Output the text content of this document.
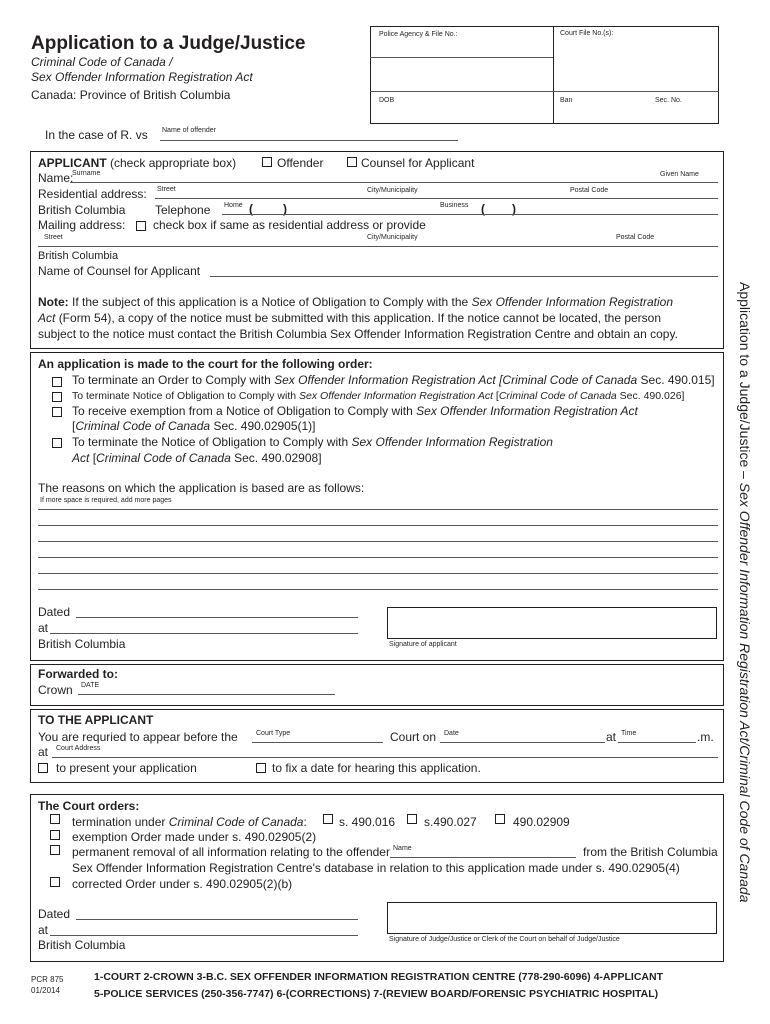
Application to a Judge/Justice
Criminal Code of Canada /
Sex Offender Information Registration Act
Canada: Province of British Columbia
Police Agency & File No.:	Court File No.(s):
DOB	Ban	Sec. No.
In the case of R. vs Name of offender
APPLICANT (check appropriate box)	Offender	Counsel for Applicant
Name:
Surname	Given Name
Residential address: Street	City/Municipality	Postal Code
British Columbia Telephone Home (	)	Business ( )
Mailing address: check box if same as residential address or provide
Street	City/Municipality	Postal Code
British Columbia
Name of Counsel for Applicant
Note: If the subject of this application is a Notice of Obligation to Comply with the Sex Offender Information Registration
Act (Form 54), a copy of the notice must be submitted with this application. If the notice cannot be located, the person
subject to the notice must contact the British Columbia Sex Offender Information Registration Centre and obtain an copy.
An application is made to the court for the following order:
To terminate an Order to Comply with Sex Offender Information Registration Act [Criminal Code of Canada Sec. 490.015]
To terminate Notice of Obligation to Comply with Sex Offender Information Registration Act [Criminal Code of Canada Sec. 490.026]
To receive exemption from a Notice of Obligation to Comply with Sex Offender Information Registration Act
[Criminal Code of Canada Sec. 490.02905(1)]
To terminate the Notice of Obligation to Comply with Sex Offender Information Registration
Act [Criminal Code of Canada Sec. 490.02908]
The reasons on which the application is based are as follows:
If more space is required, add more pages
Dated
at
British Columbia	Signature of applicant
Forwarded to:
Crown DATE
TO THE APPLICANT
You are requried to appear before the	Court Type	Court on Date	at Time	.m.
at Court Address
to present your application	to fix a date for hearing this application.
The Court orders:
termination under Criminal Code of Canada:	s. 490.016 s.490.027	490.02909
exemption Order made under s. 490.02905(2)
permanent removal of all information relating to the offender Name	from the British Columbia
Sex Offender Information Registration Centre's database in relation to this application made under s. 490.02905(4)
corrected Order under s. 490.02905(2)(b)
Dated
at
British Columbia	Signature of Judge/Justice or Clerk of the Court on behalf of Judge/Justice
PCR 875
01/2014
1-COURT 2-CROWN 3-B.C. SEX OFFENDER INFORMATION REGISTRATION CENTRE (778-290-6096) 4-APPLICANT
5-POLICE SERVICES (250-356-7747) 6-(CORRECTIONS) 7-(REVIEW BOARD/FORENSIC PSYCHIATRIC HOSPITAL)
Application to a Judge/Justice – Sex Offender Information Registration Act/Criminal Code of Canada
